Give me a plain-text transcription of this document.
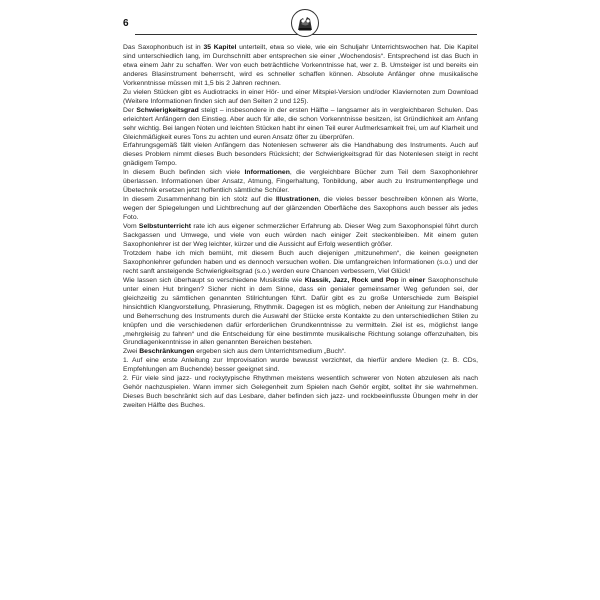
6

Das Saxophonbuch ist in 35 Kapitel unterteilt, etwa so viele, wie ein Schuljahr Unterrichtswochen hat. Die Kapitel sind unterschiedlich lang, im Durchschnitt aber entsprechen sie einer „Wochendosis“. Entsprechend ist das Buch in etwa einem Jahr zu schaffen. Wer von euch beträchtliche Vorkenntnisse hat, wer z. B. Umsteiger ist und bereits ein anderes Blasinstrument beherrscht, wird es schneller schaffen können. Absolute Anfänger ohne musikalische Vorkenntnisse müssen mit 1,5 bis 2 Jahren rechnen.

Zu vielen Stücken gibt es Audiotracks in einer Hör- und einer Mitspiel-Version und/oder Klaviernoten zum Download (Weitere Informationen finden sich auf den Seiten 2 und 125).

Der Schwierigkeitsgrad steigt – insbesondere in der ersten Hälfte – langsamer als in vergleichbaren Schulen. Das erleichtert Anfängern den Einstieg. Aber auch für alle, die schon Vorkenntnisse besitzen, ist Gründlichkeit am Anfang sehr wichtig. Bei langen Noten und leichten Stücken habt ihr einen Teil eurer Aufmerksamkeit frei, um auf Klarheit und Gleichmäßigkeit eures Tons zu achten und euren Ansatz öfter zu überprüfen.

Erfahrungsgemäß fällt vielen Anfängern das Notenlesen schwerer als die Handhabung des Instruments. Auch auf dieses Problem nimmt dieses Buch besonders Rücksicht; der Schwierigkeitsgrad für das Notenlesen steigt in recht gnädigem Tempo.

In diesem Buch befinden sich viele Informationen, die vergleichbare Bücher zum Teil dem Saxophonlehrer überlassen. Informationen über Ansatz, Atmung, Fingerhaltung, Tonbildung, aber auch zu Instrumentenpflege und Übetechnik ersetzen jetzt hoffentlich sämtliche Schüler.

In diesem Zusammenhang bin ich stolz auf die Illustrationen, die vieles besser beschreiben können als Worte, wegen der Spiegelungen und Lichtbrechung auf der glänzenden Oberfläche des Saxophons auch besser als jedes Foto.

Vom Selbstunterricht rate ich aus eigener schmerzlicher Erfahrung ab. Dieser Weg zum Saxophonspiel führt durch Sackgassen und Umwege, und viele von euch würden nach einiger Zeit steckenbleiben. Mit einem guten Saxophonlehrer ist der Weg leichter, kürzer und die Aussicht auf Erfolg wesentlich größer.

Trotzdem habe ich mich bemüht, mit diesem Buch auch diejenigen „mitzunehmen“, die keinen geeigneten Saxophonlehrer gefunden haben und es dennoch versuchen wollen. Die umfangreichen Informationen (s.o.) und der recht sanft ansteigende Schwierigkeitsgrad (s.o.) werden eure Chancen verbessern, Viel Glück!

Wie lassen sich überhaupt so verschiedene Musikstile wie Klassik, Jazz, Rock und Pop in einer Saxophonschule unter einen Hut bringen? Sicher nicht in dem Sinne, dass ein genialer gemeinsamer Weg gefunden sei, der gleichzeitig zu sämtlichen genannten Stilrichtungen führt. Dafür gibt es zu große Unterschiede zum Beispiel hinsichtlich Klangvorstellung, Phrasierung, Rhythmik. Dagegen ist es möglich, neben der Anleitung zur Handhabung und Beherrschung des Instruments durch die Auswahl der Stücke erste Kontakte zu den unterschiedlichen Stilen zu knüpfen und die verschiedenen dafür erforderlichen Grundkenntnisse zu vermitteln. Ziel ist es, möglichst lange „mehrgleisig zu fahren“ und die Entscheidung für eine bestimmte musikalische Richtung solange offenzuhalten, bis Grundlagenkenntnisse in allen genannten Bereichen bestehen.

Zwei Beschränkungen ergeben sich aus dem Unterrichtsmedium „Buch“.

1. Auf eine erste Anleitung zur Improvisation wurde bewusst verzichtet, da hierfür andere Medien (z. B. CDs, Empfehlungen am Buchende) besser geeignet sind.

2. Für viele sind jazz- und rockytypische Rhythmen meistens wesentlich schwerer von Noten abzulesen als nach Gehör nachzuspielen. Wann immer sich Gelegenheit zum Spielen nach Gehör ergibt, solltet ihr sie wahrnehmen. Dieses Buch beschränkt sich auf das Lesbare, daher befinden sich jazz- und rockbeeinflusste Übungen mehr in der zweiten Hälfte des Buches.
